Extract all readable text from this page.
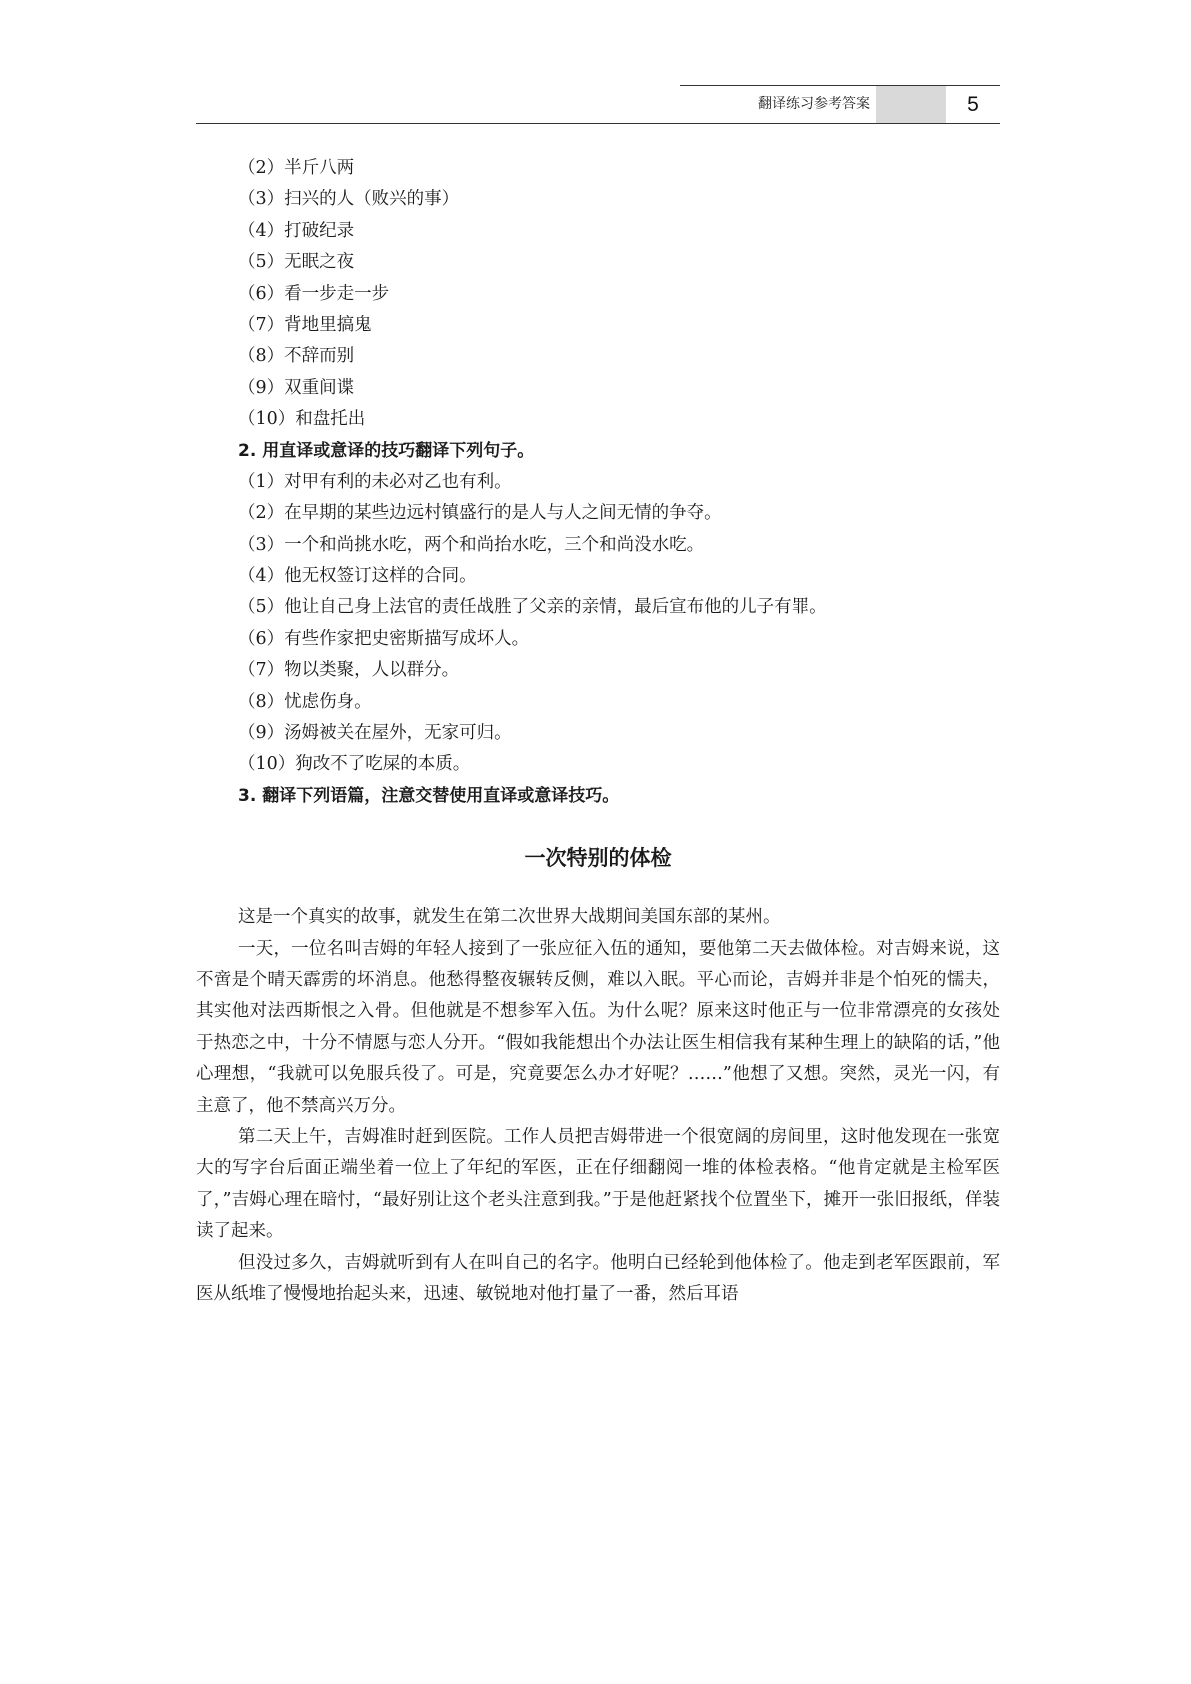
翻译练习参考答案	5
（2）半斤八两
（3）扫兴的人（败兴的事）
（4）打破纪录
（5）无眠之夜
（6）看一步走一步
（7）背地里搞鬼
（8）不辞而别
（9）双重间谍
（10）和盘托出
2. 用直译或意译的技巧翻译下列句子。
（1）对甲有利的未必对乙也有利。
（2）在早期的某些边远村镇盛行的是人与人之间无情的争夺。
（3）一个和尚挑水吃，两个和尚抬水吃，三个和尚没水吃。
（4）他无权签订这样的合同。
（5）他让自己身上法官的责任战胜了父亲的亲情，最后宣布他的儿子有罪。
（6）有些作家把史密斯描写成坏人。
（7）物以类聚，人以群分。
（8）忧虑伤身。
（9）汤姆被关在屋外，无家可归。
（10）狗改不了吃屎的本质。
3. 翻译下列语篇，注意交替使用直译或意译技巧。
一次特别的体检

这是一个真实的故事，就发生在第二次世界大战期间美国东部的某州。

一天，一位名叫吉姆的年轻人接到了一张应征入伍的通知，要他第二天去做体检。对吉姆来说，这不啻是个晴天霹雳的坏消息。他愁得整夜辗转反侧，难以入眠。平心而论，吉姆并非是个怕死的懦夫，其实他对法西斯恨之入骨。但他就是不想参军入伍。为什么呢？原来这时他正与一位非常漂亮的女孩处于热恋之中，十分不情愿与恋人分开。“假如我能想出个办法让医生相信我有某种生理上的缺陷的话，”他心理想，“我就可以免服兵役了。可是，究竟要怎么办才好呢？……”他想了又想。突然，灵光一闪，有主意了，他不禁高兴万分。

第二天上午，吉姆准时赶到医院。工作人员把吉姆带进一个很宽阔的房间里，这时他发现在一张宽大的写字台后面正端坐着一位上了年纪的军医，正在仔细翻阅一堆的体检表格。“他肯定就是主检军医了，”吉姆心理在暗忖，“最好别让这个老头注意到我。”于是他赶紧找个位置坐下，摊开一张旧报纸，佯装读了起来。

但没过多久，吉姆就听到有人在叫自己的名字。他明白已经轮到他体检了。他走到老军医跟前，军医从纸堆了慢慢地抬起头来，迅速、敏锐地对他打量了一番，然后耳语
